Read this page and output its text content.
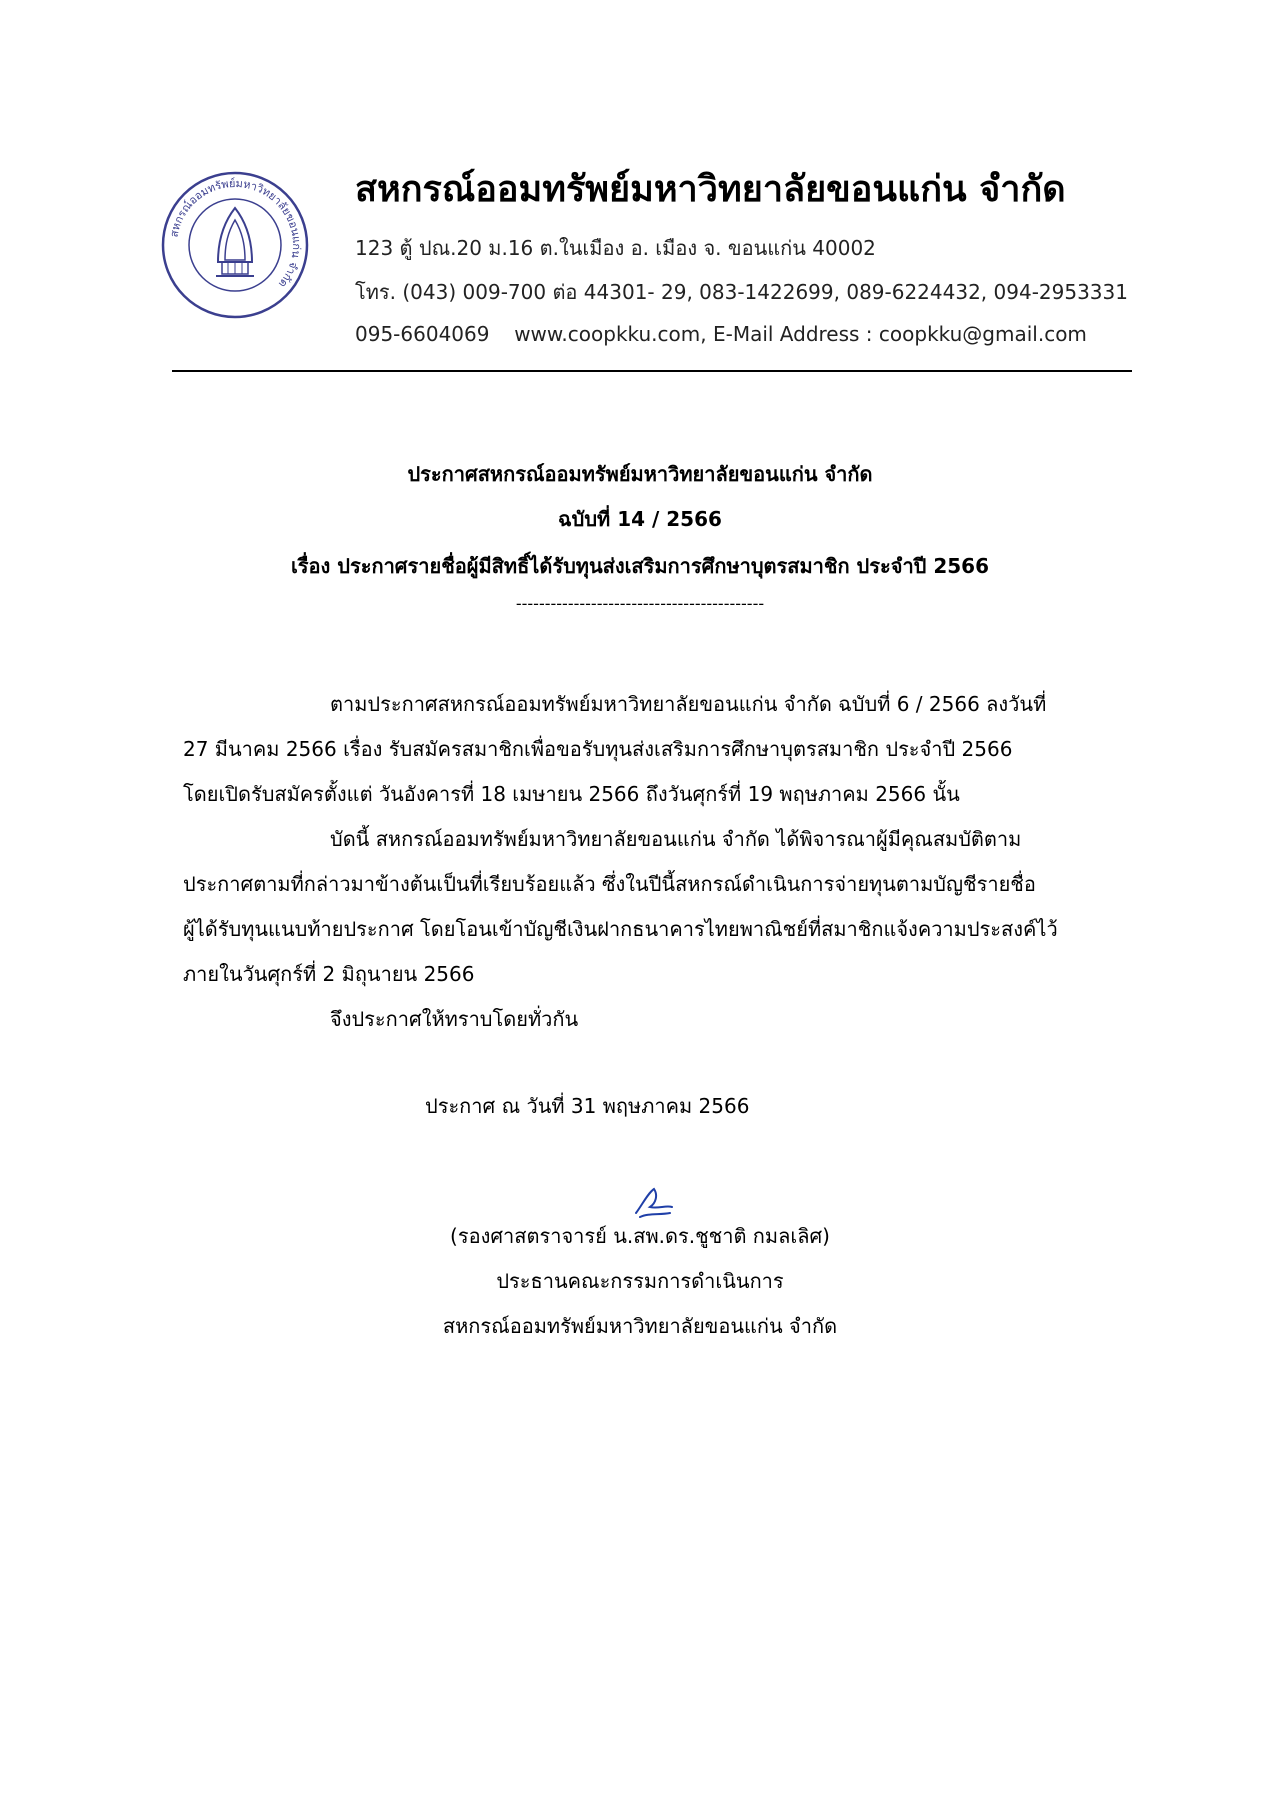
สหกรณ์ออมทรัพย์มหาวิทยาลัยขอนแก่น จำกัด
สหกรณ์ออมทรัพย์มหาวิทยาลัยขอนแก่น จำกัด
123 ตู้ ปณ.20 ม.16 ต.ในเมือง อ. เมือง จ. ขอนแก่น 40002
โทร. (043) 009-700 ต่อ 44301- 29, 083-1422699, 089-6224432, 094-2953331
095-6604069 www.coopkku.com, E-Mail Address : coopkku@gmail.com
ประกาศสหกรณ์ออมทรัพย์มหาวิทยาลัยขอนแก่น จำกัด
ฉบับที่ 14 / 2566
เรื่อง ประกาศรายชื่อผู้มีสิทธิ์ได้รับทุนส่งเสริมการศึกษาบุตรสมาชิก ประจำปี 2566
-------------------------------------------
ตามประกาศสหกรณ์ออมทรัพย์มหาวิทยาลัยขอนแก่น จำกัด ฉบับที่ 6 / 2566 ลงวันที่
27 มีนาคม 2566 เรื่อง รับสมัครสมาชิกเพื่อขอรับทุนส่งเสริมการศึกษาบุตรสมาชิก ประจำปี 2566
โดยเปิดรับสมัครตั้งแต่ วันอังคารที่ 18 เมษายน 2566 ถึงวันศุกร์ที่ 19 พฤษภาคม 2566 นั้น
บัดนี้ สหกรณ์ออมทรัพย์มหาวิทยาลัยขอนแก่น จำกัด ได้พิจารณาผู้มีคุณสมบัติตาม
ประกาศตามที่กล่าวมาข้างต้นเป็นที่เรียบร้อยแล้ว ซึ่งในปีนี้สหกรณ์ดำเนินการจ่ายทุนตามบัญชีรายชื่อ
ผู้ได้รับทุนแนบท้ายประกาศ โดยโอนเข้าบัญชีเงินฝากธนาคารไทยพาณิชย์ที่สมาชิกแจ้งความประสงค์ไว้
ภายในวันศุกร์ที่ 2 มิถุนายน 2566
จึงประกาศให้ทราบโดยทั่วกัน
ประกาศ ณ วันที่ 31 พฤษภาคม 2566
(รองศาสตราจารย์ น.สพ.ดร.ชูชาติ กมลเลิศ)
ประธานคณะกรรมการดำเนินการ
สหกรณ์ออมทรัพย์มหาวิทยาลัยขอนแก่น จำกัด
